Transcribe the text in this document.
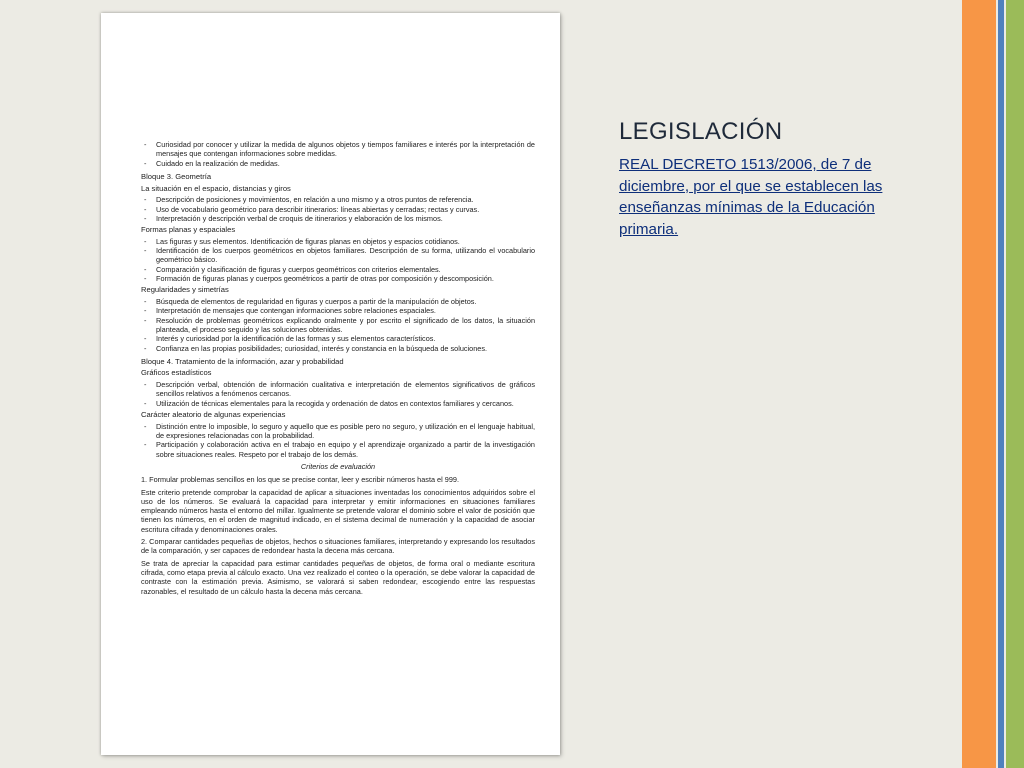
- Curiosidad por conocer y utilizar la medida de algunos objetos y tiempos familiares e interés por la interpretación de mensajes que contengan informaciones sobre medidas.

- Cuidado en la realización de medidas.

Bloque 3. Geometría

La situación en el espacio, distancias y giros

- Descripción de posiciones y movimientos, en relación a uno mismo y a otros puntos de referencia.

- Uso de vocabulario geométrico para describir itinerarios: líneas abiertas y cerradas; rectas y curvas.

- Interpretación y descripción verbal de croquis de itinerarios y elaboración de los mismos.

Formas planas y espaciales

- Las figuras y sus elementos. Identificación de figuras planas en objetos y espacios cotidianos.

- Identificación de los cuerpos geométricos en objetos familiares. Descripción de su forma, utilizando el vocabulario geométrico básico.

- Comparación y clasificación de figuras y cuerpos geométricos con criterios elementales.

- Formación de figuras planas y cuerpos geométricos a partir de otras por composición y descomposición.

Regularidades y simetrías

- Búsqueda de elementos de regularidad en figuras y cuerpos a partir de la manipulación de objetos.

- Interpretación de mensajes que contengan informaciones sobre relaciones espaciales.

- Resolución de problemas geométricos explicando oralmente y por escrito el significado de los datos, la situación planteada, el proceso seguido y las soluciones obtenidas.

- Interés y curiosidad por la identificación de las formas y sus elementos característicos.

- Confianza en las propias posibilidades; curiosidad, interés y constancia en la búsqueda de soluciones.

Bloque 4. Tratamiento de la información, azar y probabilidad

Gráficos estadísticos

- Descripción verbal, obtención de información cualitativa e interpretación de elementos significativos de gráficos sencillos relativos a fenómenos cercanos.

- Utilización de técnicas elementales para la recogida y ordenación de datos en contextos familiares y cercanos.

Carácter aleatorio de algunas experiencias

- Distinción entre lo imposible, lo seguro y aquello que es posible pero no seguro, y utilización en el lenguaje habitual, de expresiones relacionadas con la probabilidad.

- Participación y colaboración activa en el trabajo en equipo y el aprendizaje organizado a partir de la investigación sobre situaciones reales. Respeto por el trabajo de los demás.

Criterios de evaluación

1. Formular problemas sencillos en los que se precise contar, leer y escribir números hasta el 999.

Este criterio pretende comprobar la capacidad de aplicar a situaciones inventadas los conocimientos adquiridos sobre el uso de los números. Se evaluará la capacidad para interpretar y emitir informaciones en situaciones familiares empleando números hasta el entorno del millar. Igualmente se pretende valorar el dominio sobre el valor de posición que tienen los números, en el orden de magnitud indicado, en el sistema decimal de numeración y la capacidad de asociar escritura cifrada y denominaciones orales.

2. Comparar cantidades pequeñas de objetos, hechos o situaciones familiares, interpretando y expresando los resultados de la comparación, y ser capaces de redondear hasta la decena más cercana.

Se trata de apreciar la capacidad para estimar cantidades pequeñas de objetos, de forma oral o mediante escritura cifrada, como etapa previa al cálculo exacto. Una vez realizado el conteo o la operación, se debe valorar la capacidad de contraste con la estimación previa. Asimismo, se valorará si saben redondear, escogiendo entre las respuestas razonables, el resultado de un cálculo hasta la decena más cercana.

LEGISLACIÓN
REAL DECRETO 1513/2006, de 7 de diciembre, por el que se establecen las enseñanzas mínimas de la Educación primaria.
